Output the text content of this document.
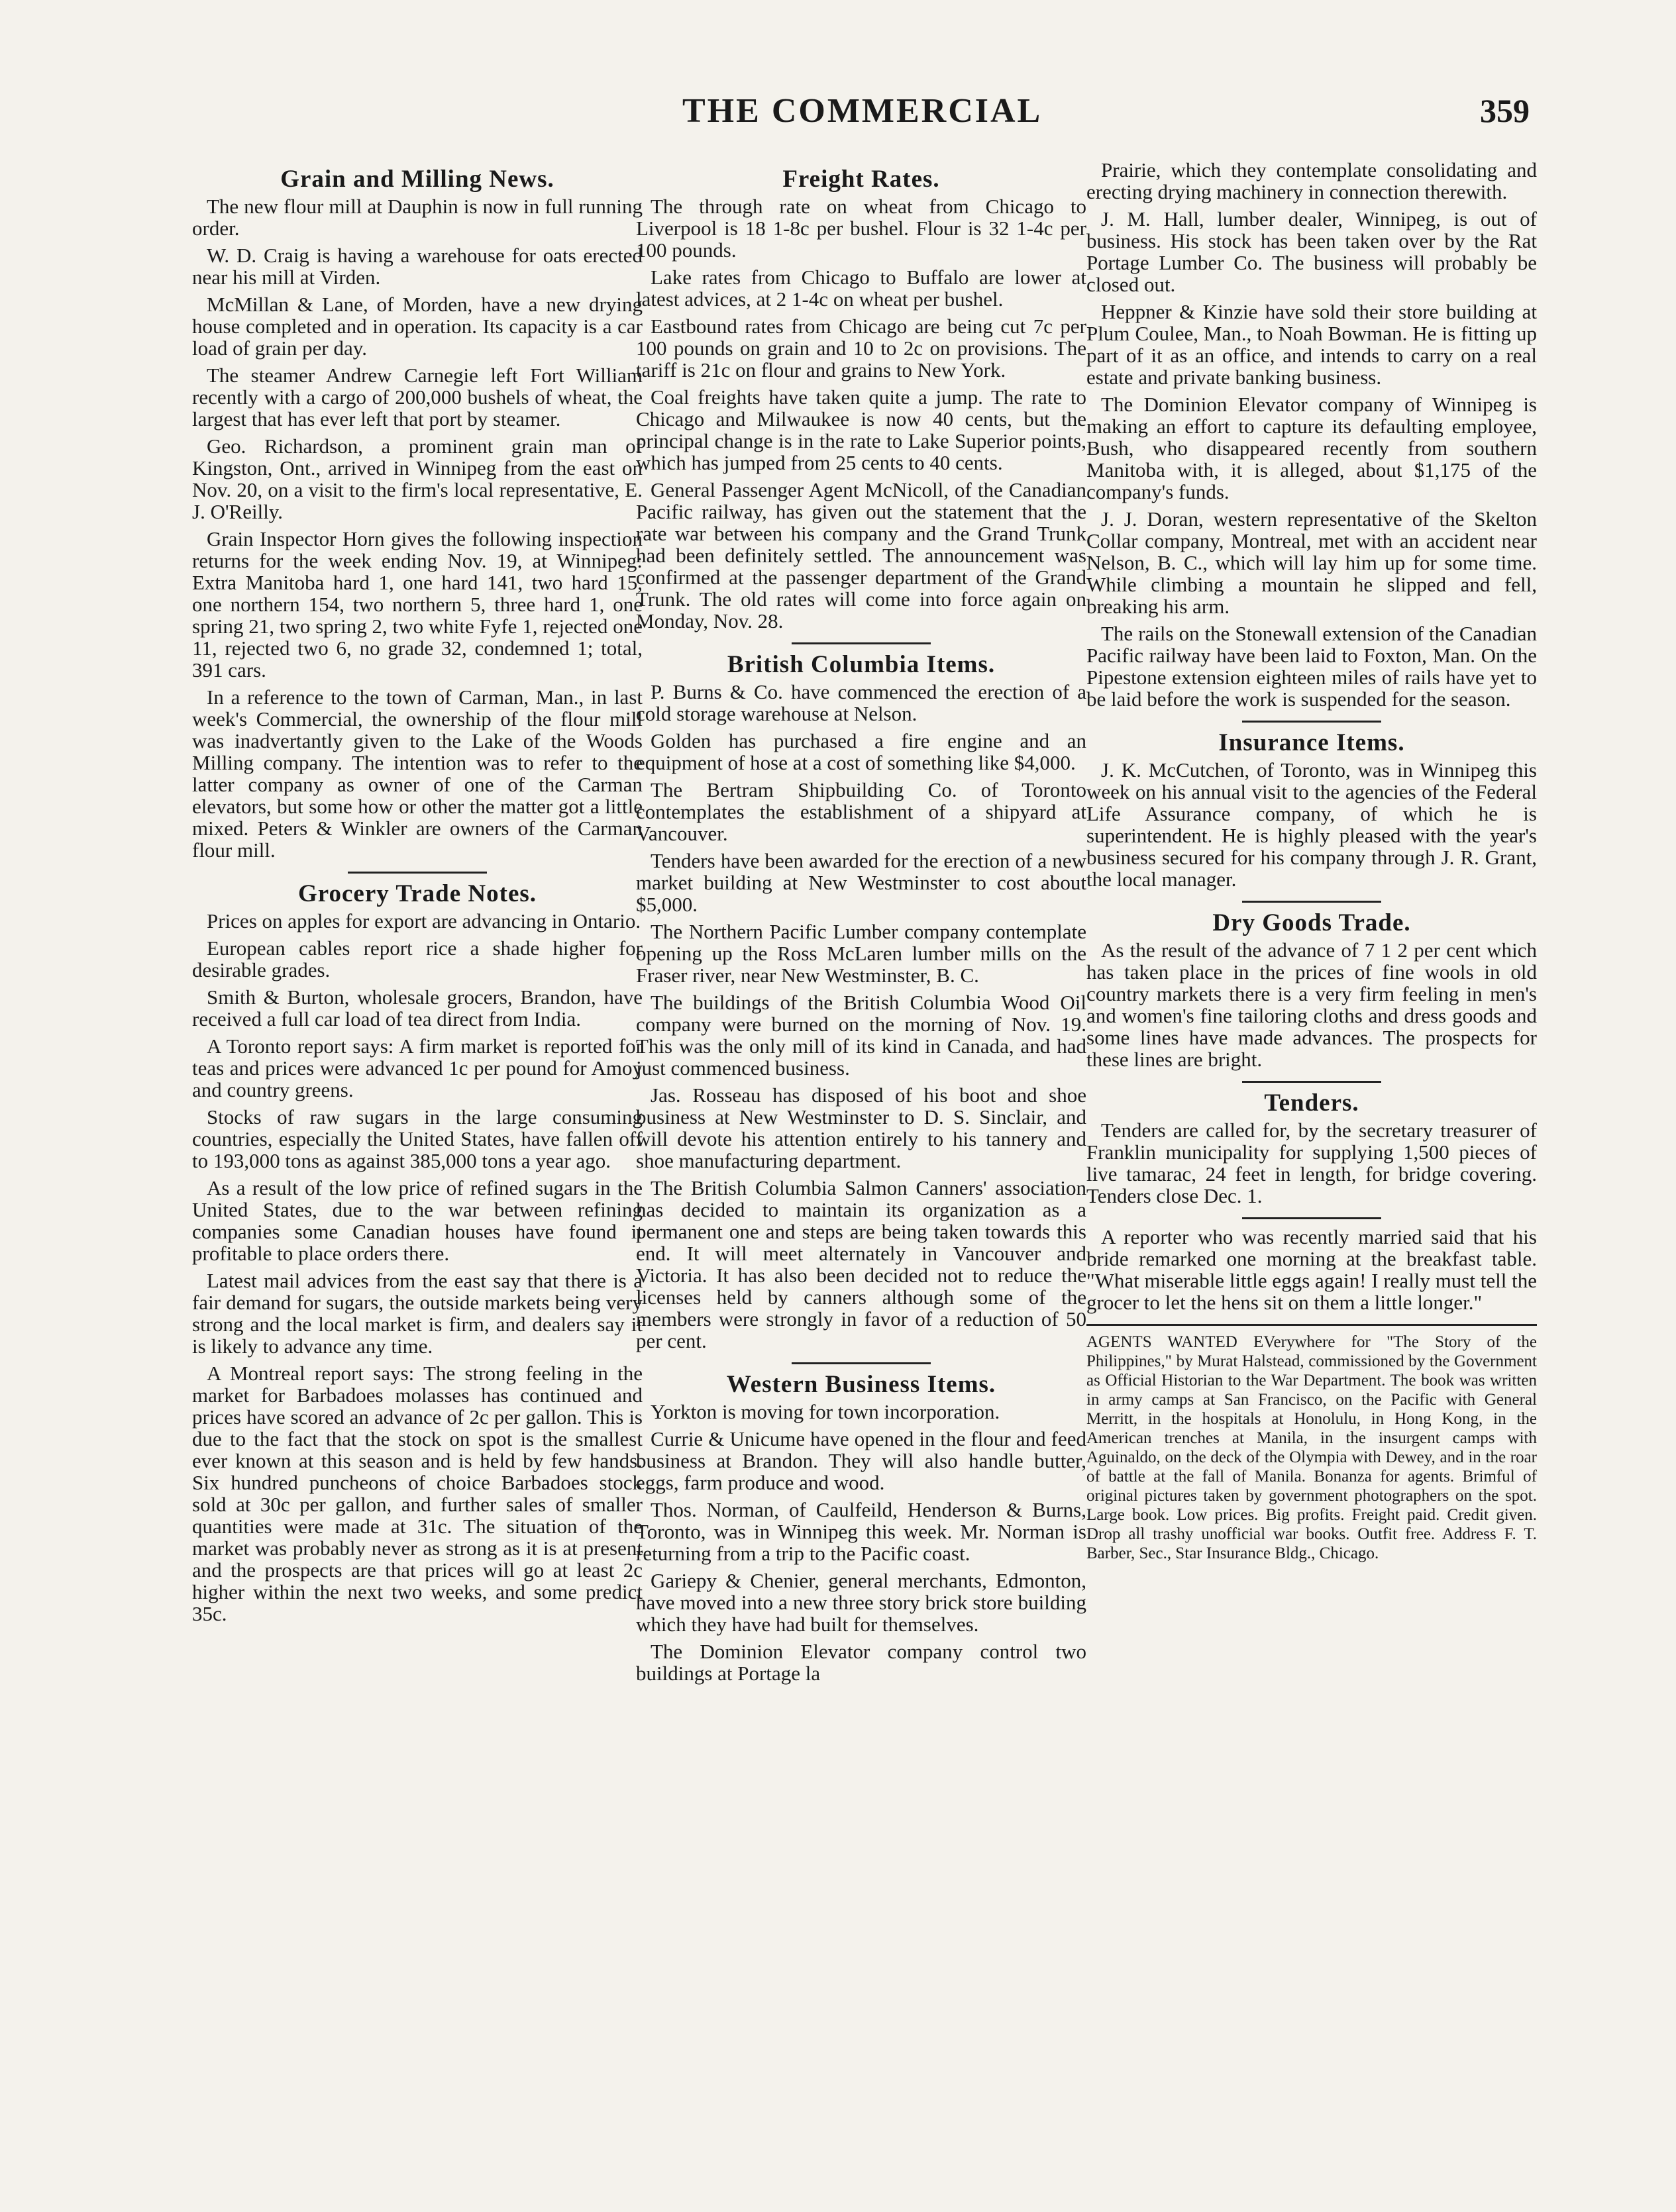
THE COMMERCIAL	359
Grain and Milling News.

The new flour mill at Dauphin is now in full running order.

W. D. Craig is having a warehouse for oats erected near his mill at Virden.

McMillan & Lane, of Morden, have a new drying house completed and in operation. Its capacity is a car load of grain per day.

The steamer Andrew Carnegie left Fort William recently with a cargo of 200,000 bushels of wheat, the largest that has ever left that port by steamer.

Geo. Richardson, a prominent grain man of Kingston, Ont., arrived in Winnipeg from the east on Nov. 20, on a visit to the firm's local representative, E. J. O'Reilly.

Grain Inspector Horn gives the following inspection returns for the week ending Nov. 19, at Winnipeg: Extra Manitoba hard 1, one hard 141, two hard 15, one northern 154, two northern 5, three hard 1, one spring 21, two spring 2, two white Fyfe 1, rejected one 11, rejected two 6, no grade 32, condemned 1; total, 391 cars.

In a reference to the town of Carman, Man., in last week's Commercial, the ownership of the flour mill was inadvertantly given to the Lake of the Woods Milling company. The intention was to refer to the latter company as owner of one of the Carman elevators, but some how or other the matter got a little mixed. Peters & Winkler are owners of the Carman flour mill.

Grocery Trade Notes.

Prices on apples for export are advancing in Ontario.

European cables report rice a shade higher for desirable grades.

Smith & Burton, wholesale grocers, Brandon, have received a full car load of tea direct from India.

A Toronto report says: A firm market is reported for teas and prices were advanced 1c per pound for Amoy and country greens.

Stocks of raw sugars in the large consuming countries, especially the United States, have fallen off to 193,000 tons as against 385,000 tons a year ago.

As a result of the low price of refined sugars in the United States, due to the war between refining companies some Canadian houses have found it profitable to place orders there.

Latest mail advices from the east say that there is a fair demand for sugars, the outside markets being very strong and the local market is firm, and dealers say it is likely to advance any time.

A Montreal report says: The strong feeling in the market for Barbadoes molasses has continued and prices have scored an advance of 2c per gallon. This is due to the fact that the stock on spot is the smallest ever known at this season and is held by few hands. Six hundred puncheons of choice Barbadoes stock sold at 30c per gallon, and further sales of smaller quantities were made at 31c. The situation of the market was probably never as strong as it is at present and the prospects are that prices will go at least 2c higher within the next two weeks, and some predict 35c.

Freight Rates.

The through rate on wheat from Chicago to Liverpool is 18 1-8c per bushel. Flour is 32 1-4c per 100 pounds.

Lake rates from Chicago to Buffalo are lower at latest advices, at 2 1-4c on wheat per bushel.

Eastbound rates from Chicago are being cut 7c per 100 pounds on grain and 10 to 2c on provisions. The tariff is 21c on flour and grains to New York.

Coal freights have taken quite a jump. The rate to Chicago and Milwaukee is now 40 cents, but the principal change is in the rate to Lake Superior points, which has jumped from 25 cents to 40 cents.

General Passenger Agent McNicoll, of the Canadian Pacific railway, has given out the statement that the rate war between his company and the Grand Trunk had been definitely settled. The announcement was confirmed at the passenger department of the Grand Trunk. The old rates will come into force again on Monday, Nov. 28.

British Columbia Items.

P. Burns & Co. have commenced the erection of a cold storage warehouse at Nelson.

Golden has purchased a fire engine and an equipment of hose at a cost of something like $4,000.

The Bertram Shipbuilding Co. of Toronto contemplates the establishment of a shipyard at Vancouver.

Tenders have been awarded for the erection of a new market building at New Westminster to cost about $5,000.

The Northern Pacific Lumber company contemplate opening up the Ross McLaren lumber mills on the Fraser river, near New Westminster, B. C.

The buildings of the British Columbia Wood Oil company were burned on the morning of Nov. 19. This was the only mill of its kind in Canada, and had just commenced business.

Jas. Rosseau has disposed of his boot and shoe business at New Westminster to D. S. Sinclair, and will devote his attention entirely to his tannery and shoe manufacturing department.

The British Columbia Salmon Canners' association has decided to maintain its organization as a permanent one and steps are being taken towards this end. It will meet alternately in Vancouver and Victoria. It has also been decided not to reduce the licenses held by canners although some of the members were strongly in favor of a reduction of 50 per cent.

Western Business Items.

Yorkton is moving for town incorporation.

Currie & Unicume have opened in the flour and feed business at Brandon. They will also handle butter, eggs, farm produce and wood.

Thos. Norman, of Caulfeild, Henderson & Burns, Toronto, was in Winnipeg this week. Mr. Norman is returning from a trip to the Pacific coast.

Gariepy & Chenier, general merchants, Edmonton, have moved into a new three story brick store building which they have had built for themselves.

The Dominion Elevator company control two buildings at Portage la

Prairie, which they contemplate consolidating and erecting drying machinery in connection therewith.

J. M. Hall, lumber dealer, Winnipeg, is out of business. His stock has been taken over by the Rat Portage Lumber Co. The business will probably be closed out.

Heppner & Kinzie have sold their store building at Plum Coulee, Man., to Noah Bowman. He is fitting up part of it as an office, and intends to carry on a real estate and private banking business.

The Dominion Elevator company of Winnipeg is making an effort to capture its defaulting employee, Bush, who disappeared recently from southern Manitoba with, it is alleged, about $1,175 of the company's funds.

J. J. Doran, western representative of the Skelton Collar company, Montreal, met with an accident near Nelson, B. C., which will lay him up for some time. While climbing a mountain he slipped and fell, breaking his arm.

The rails on the Stonewall extension of the Canadian Pacific railway have been laid to Foxton, Man. On the Pipestone extension eighteen miles of rails have yet to be laid before the work is suspended for the season.

Insurance Items.

J. K. McCutchen, of Toronto, was in Winnipeg this week on his annual visit to the agencies of the Federal Life Assurance company, of which he is superintendent. He is highly pleased with the year's business secured for his company through J. R. Grant, the local manager.

Dry Goods Trade.

As the result of the advance of 7 1 2 per cent which has taken place in the prices of fine wools in old country markets there is a very firm feeling in men's and women's fine tailoring cloths and dress goods and some lines have made advances. The prospects for these lines are bright.

Tenders.

Tenders are called for, by the secretary treasurer of Franklin municipality for supplying 1,500 pieces of live tamarac, 24 feet in length, for bridge covering. Tenders close Dec. 1.

A reporter who was recently married said that his bride remarked one morning at the breakfast table. "What miserable little eggs again! I really must tell the grocer to let the hens sit on them a little longer."

AGENTS WANTED EVerywhere for "The Story of the Philippines," by Murat Halstead, commissioned by the Government as Official Historian to the War Department. The book was written in army camps at San Francisco, on the Pacific with General Merritt, in the hospitals at Honolulu, in Hong Kong, in the American trenches at Manila, in the insurgent camps with Aguinaldo, on the deck of the Olympia with Dewey, and in the roar of battle at the fall of Manila. Bonanza for agents. Brimful of original pictures taken by government photographers on the spot. Large book. Low prices. Big profits. Freight paid. Credit given. Drop all trashy unofficial war books. Outfit free. Address F. T. Barber, Sec., Star Insurance Bldg., Chicago.
